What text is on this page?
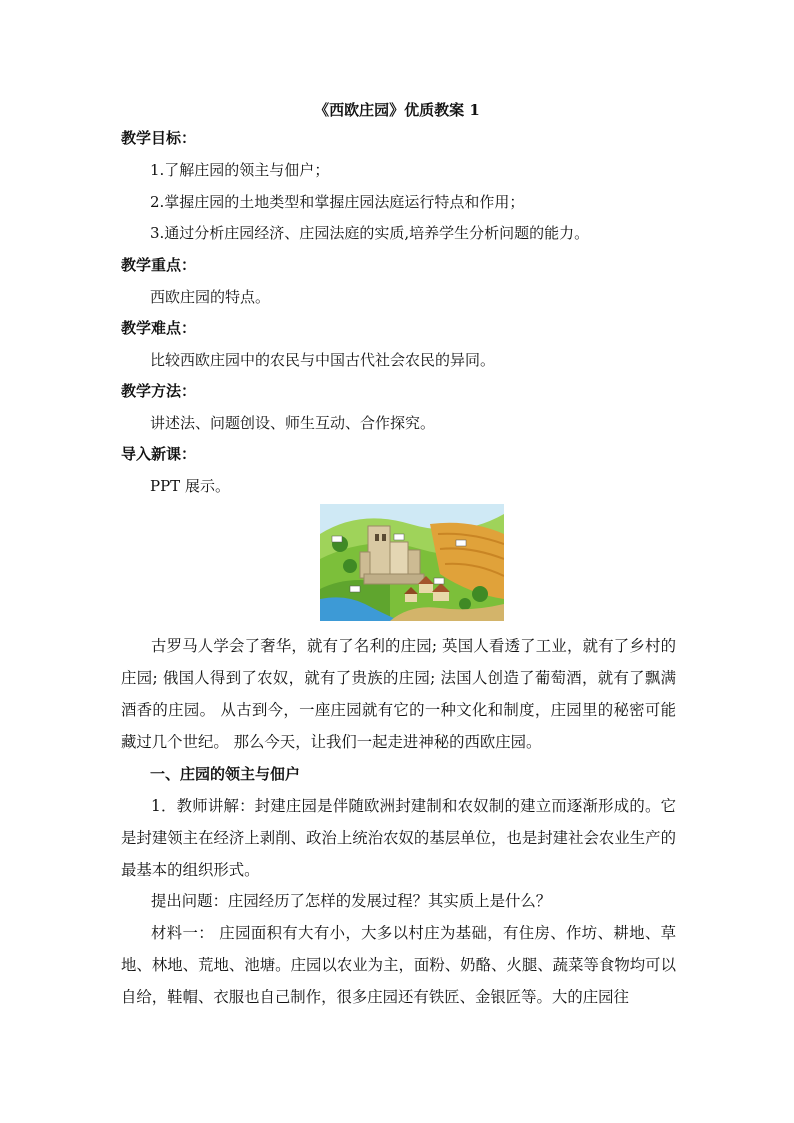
《西欧庄园》优质教案 1
教学目标：
1.了解庄园的领主与佃户；
2.掌握庄园的土地类型和掌握庄园法庭运行特点和作用；
3.通过分析庄园经济、庄园法庭的实质,培养学生分析问题的能力。
教学重点：
西欧庄园的特点。
教学难点：
比较西欧庄园中的农民与中国古代社会农民的异同。
教学方法：
讲述法、问题创设、师生互动、合作探究。
导入新课：
PPT 展示。

古罗马人学会了奢华，就有了名利的庄园; 英国人看透了工业，就有了乡村的庄园; 俄国人得到了农奴，就有了贵族的庄园; 法国人创造了葡萄酒，就有了飘满酒香的庄园。 从古到今，一座庄园就有它的一种文化和制度，庄园里的秘密可能藏过几个世纪。 那么今天，让我们一起走进神秘的西欧庄园。

一、庄园的领主与佃户

1．教师讲解：封建庄园是伴随欧洲封建制和农奴制的建立而逐渐形成的。它是封建领主在经济上剥削、政治上统治农奴的基层单位，也是封建社会农业生产的最基本的组织形式。

提出问题：庄园经历了怎样的发展过程？其实质上是什么？

材料一： 庄园面积有大有小，大多以村庄为基础，有住房、作坊、耕地、草地、林地、荒地、池塘。庄园以农业为主，面粉、奶酪、火腿、蔬菜等食物均可以自给，鞋帽、衣服也自己制作，很多庄园还有铁匠、金银匠等。大的庄园往
